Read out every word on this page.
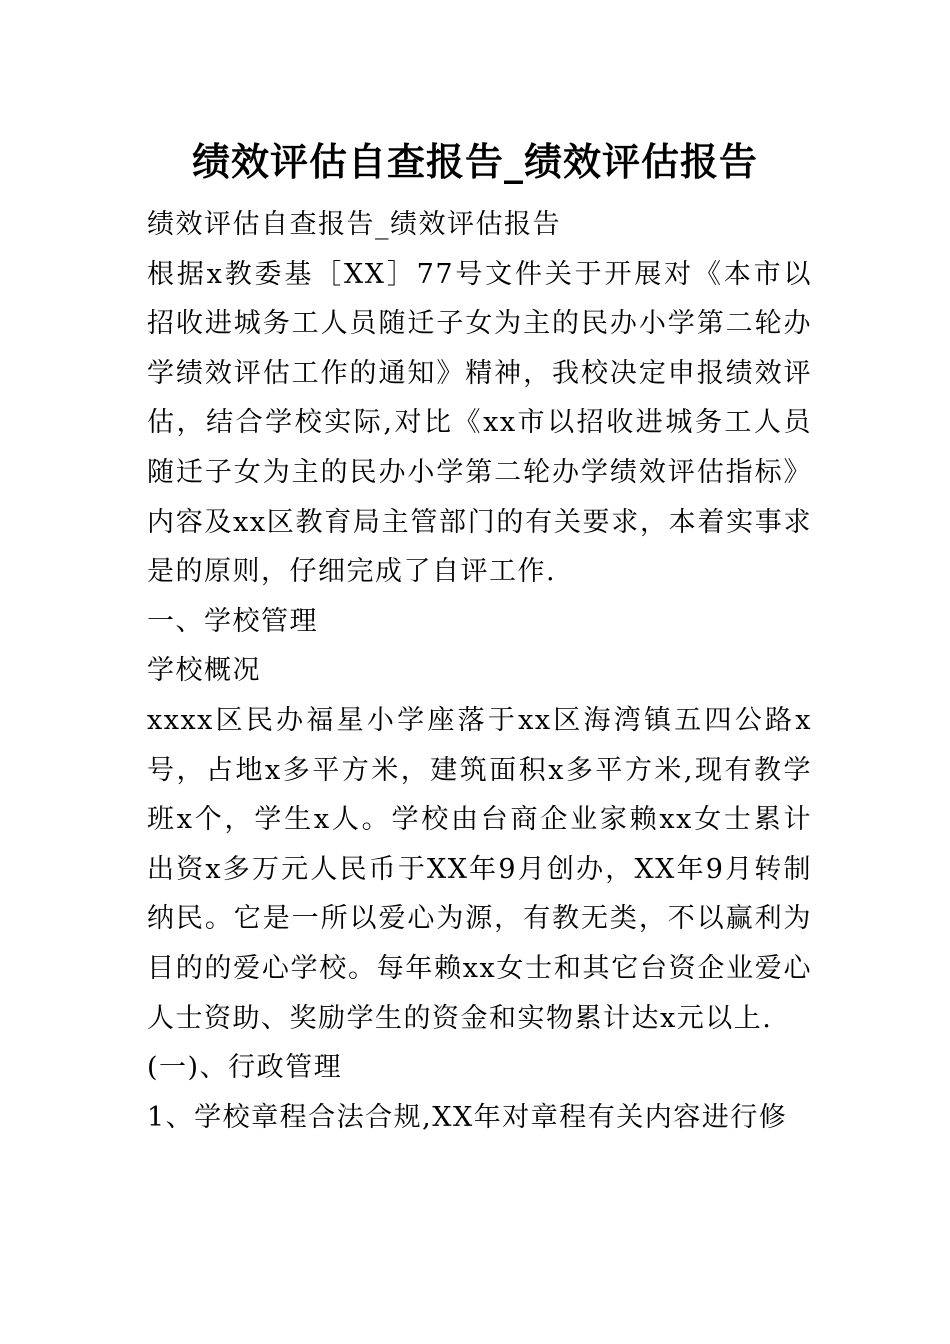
绩效评估自查报告_绩效评估报告

绩效评估自查报告_绩效评估报告

根据x教委基［XX］77号文件关于开展对《本市以招收进城务工人员随迁子女为主的民办小学第二轮办学绩效评估工作的通知》精神，我校决定申报绩效评估，结合学校实际,对比《xx市以招收进城务工人员随迁子女为主的民办小学第二轮办学绩效评估指标》内容及xx区教育局主管部门的有关要求，本着实事求是的原则，仔细完成了自评工作.

一、学校管理

学校概况

xxxx区民办福星小学座落于xx区海湾镇五四公路x号，占地x多平方米，建筑面积x多平方米,现有教学班x个，学生x人。学校由台商企业家赖xx女士累计出资x多万元人民币于XX年9月创办，XX年9月转制纳民。它是一所以爱心为源，有教无类，不以赢利为目的的爱心学校。每年赖xx女士和其它台资企业爱心人士资助、奖励学生的资金和实物累计达x元以上.

(一)、行政管理

1、学校章程合法合规,XX年对章程有关内容进行修
